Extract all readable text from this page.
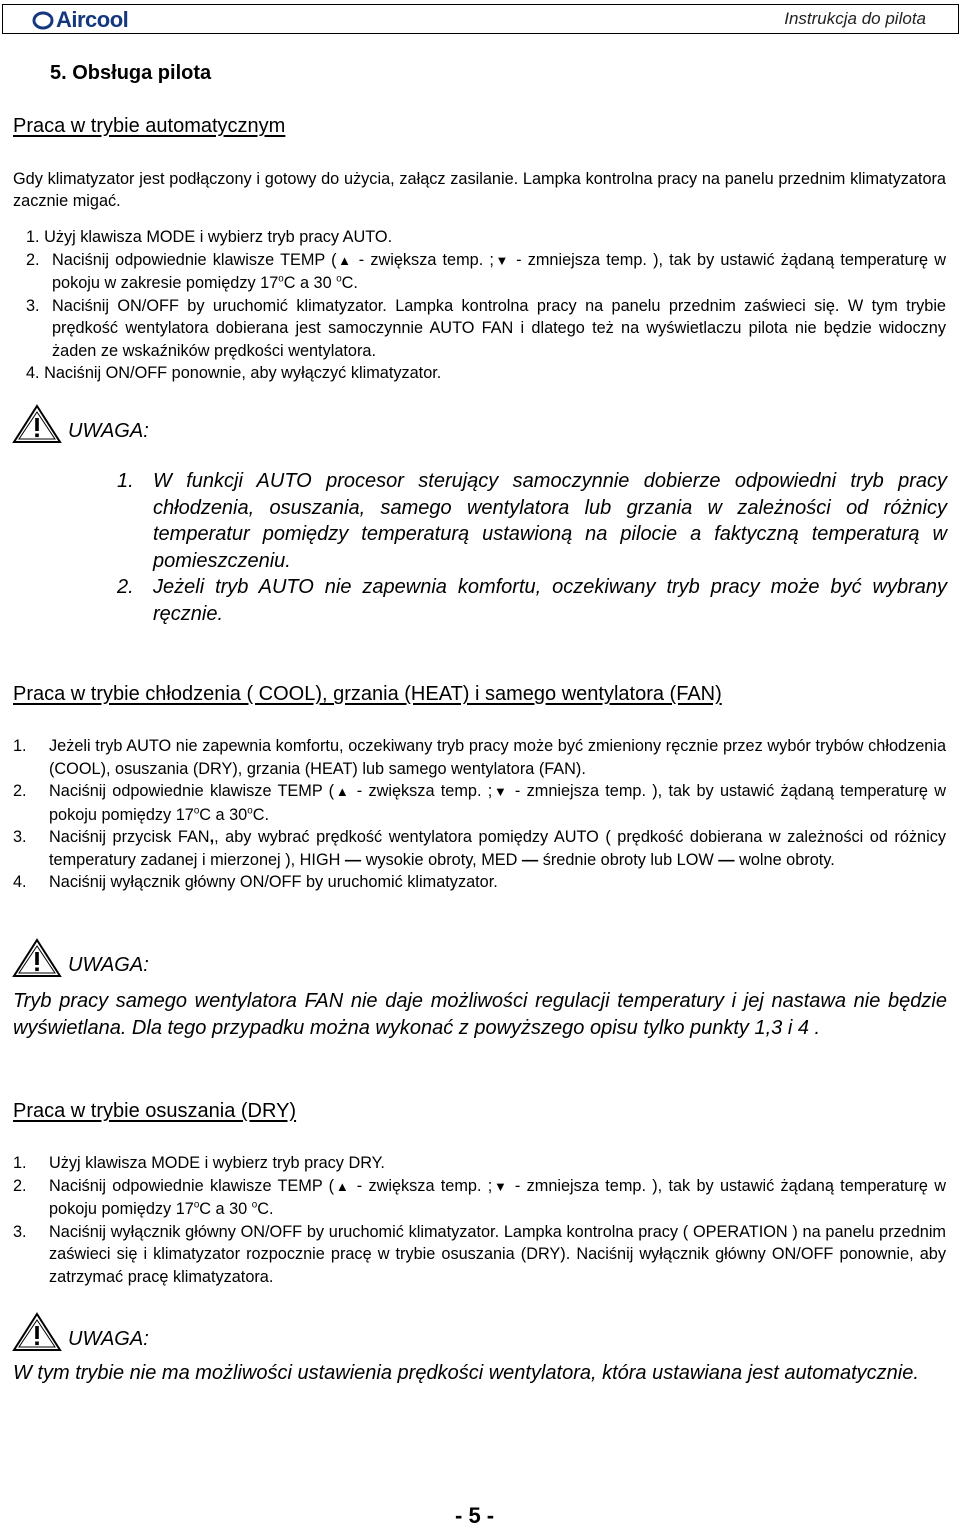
Aircool	Instrukcja do pilota
5. Obsługa pilota
Praca w trybie automatycznym

Gdy klimatyzator jest podłączony i gotowy do użycia, załącz zasilanie. Lampka kontrolna pracy na panelu przednim klimatyzatora zacznie migać.

1. Użyj klawisza MODE i wybierz tryb pracy AUTO.
2. Naciśnij odpowiednie klawisze TEMP (▲ - zwiększa temp. ;▼ - zmniejsza temp. ), tak by ustawić żądaną temperaturę w pokoju w zakresie pomiędzy 17$^o$C a 30 $^o$C.
3. Naciśnij ON/OFF by uruchomić klimatyzator. Lampka kontrolna pracy na panelu przednim zaświeci się. W tym trybie prędkość wentylatora dobierana jest samoczynnie AUTO FAN i dlatego też na wyświetlaczu pilota nie będzie widoczny żaden ze wskaźników prędkości wentylatora.
4. Naciśnij ON/OFF ponownie, aby wyłączyć klimatyzator.
UWAGA:
1. W funkcji AUTO procesor sterujący samoczynnie dobierze odpowiedni tryb pracy chłodzenia, osuszania, samego wentylatora lub grzania w zależności od różnicy temperatur pomiędzy temperaturą ustawioną na pilocie a faktyczną temperaturą w pomieszczeniu.
2. Jeżeli tryb AUTO nie zapewnia komfortu, oczekiwany tryb pracy może być wybrany ręcznie.
Praca w trybie chłodzenia ( COOL), grzania (HEAT) i samego wentylatora (FAN)
1.	Jeżeli tryb AUTO nie zapewnia komfortu, oczekiwany tryb pracy może być zmieniony ręcznie przez wybór trybów chłodzenia (COOL), osuszania (DRY), grzania (HEAT) lub samego wentylatora (FAN).
2.	Naciśnij odpowiednie klawisze TEMP (▲ - zwiększa temp. ;▼ - zmniejsza temp. ), tak by ustawić żądaną temperaturę w pokoju pomiędzy 17$^o$C a 30$^o$C.
3.	Naciśnij przycisk FAN,, aby wybrać prędkość wentylatora pomiędzy AUTO ( prędkość dobierana w zależności od różnicy temperatury zadanej i mierzonej ), HIGH — wysokie obroty, MED — średnie obroty lub LOW — wolne obroty.
4.	Naciśnij wyłącznik główny ON/OFF by uruchomić klimatyzator.
UWAGA:
Tryb pracy samego wentylatora FAN nie daje możliwości regulacji temperatury i jej nastawa nie będzie wyświetlana. Dla tego przypadku można wykonać z powyższego opisu tylko punkty 1,3 i 4 .
Praca w trybie osuszania (DRY)
1.	Użyj klawisza MODE i wybierz tryb pracy DRY.
2.	Naciśnij odpowiednie klawisze TEMP (▲ - zwiększa temp. ;▼ - zmniejsza temp. ), tak by ustawić żądaną temperaturę w pokoju pomiędzy 17$^o$C a 30 $^o$C.
3.	Naciśnij wyłącznik główny ON/OFF by uruchomić klimatyzator. Lampka kontrolna pracy ( OPERATION ) na panelu przednim zaświeci się i klimatyzator rozpocznie pracę w trybie osuszania (DRY). Naciśnij wyłącznik główny ON/OFF ponownie, aby zatrzymać pracę klimatyzatora.
UWAGA:
W tym trybie nie ma możliwości ustawienia prędkości wentylatora, która ustawiana jest automatycznie.
- 5 -
